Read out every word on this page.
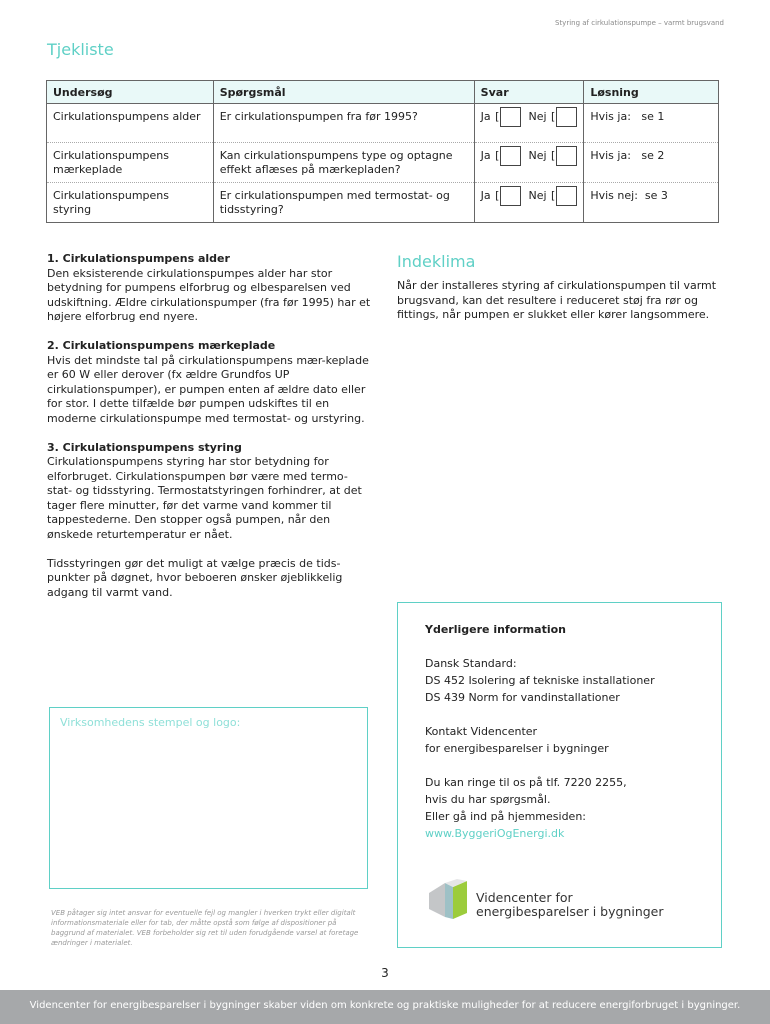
Styring af cirkulationspumpe – varmt brugsvand
Tjekliste
Undersøg	Spørgsmål	Svar	Løsning
Cirkulationspumpens alder	Er cirkulationspumpen fra før 1995?	Ja [ Nej [	Hvis ja:   se 1
Cirkulationspumpens mærkeplade	Kan cirkulationspumpens type og optagne effekt aflæses på mærkepladen?	Ja [ Nej [	Hvis ja:   se 2
Cirkulationspumpens styring	Er cirkulationspumpen med termostat- og tidsstyring?	Ja [ Nej [	Hvis nej:  se 3

1. Cirkulationspumpens alder
Den eksisterende cirkulationspumpes alder har stor betydning for pumpens elforbrug og elbesparelsen ved udskiftning. Ældre cirkulationspumper (fra før 1995) har et højere elforbrug end nyere.

2. Cirkulationspumpens mærkeplade
Hvis det mindste tal på cirkulationspumpens mær-keplade er 60 W eller derover (fx ældre Grundfos UP cirkulationspumper), er pumpen enten af ældre dato eller for stor. I dette tilfælde bør pumpen udskiftes til en moderne cirkulationspumpe med termostat- og urstyring.

3. Cirkulationspumpens styring
Cirkulationspumpens styring har stor betydning for elforbruget. Cirkulationspumpen bør være med termo-stat- og tidsstyring. Termostatstyringen forhindrer, at det tager flere minutter, før det varme vand kommer til tappestederne. Den stopper også pumpen, når den ønskede returtemperatur er nået.

Tidsstyringen gør det muligt at vælge præcis de tids-punkter på døgnet, hvor beboeren ønsker øjeblikkelig adgang til varmt vand.

Indeklima
Når der installeres styring af cirkulationspumpen til varmt brugsvand, kan det resultere i reduceret støj fra rør og fittings, når pumpen er slukket eller kører langsommere.
Virksomhedens stempel og logo:
VEB påtager sig intet ansvar for eventuelle fejl og mangler i hverken trykt eller digitalt informationsmateriale eller for tab, der måtte opstå som følge af dispositioner på baggrund af materialet. VEB forbeholder sig ret til uden forudgående varsel at foretage ændringer i materialet.
Yderligere information
Dansk Standard:
DS 452 Isolering af tekniske installationer
DS 439 Norm for vandinstallationer
Kontakt Videncenter
for energibesparelser i bygninger
Du kan ringe til os på tlf. 7220 2255,
hvis du har spørgsmål.
Eller gå ind på hjemmesiden:
www.ByggeriOgEnergi.dk
Videncenter for
energibesparelser i bygninger
3
Videncenter for energibesparelser i bygninger skaber viden om konkrete og praktiske muligheder for at reducere energiforbruget i bygninger.
